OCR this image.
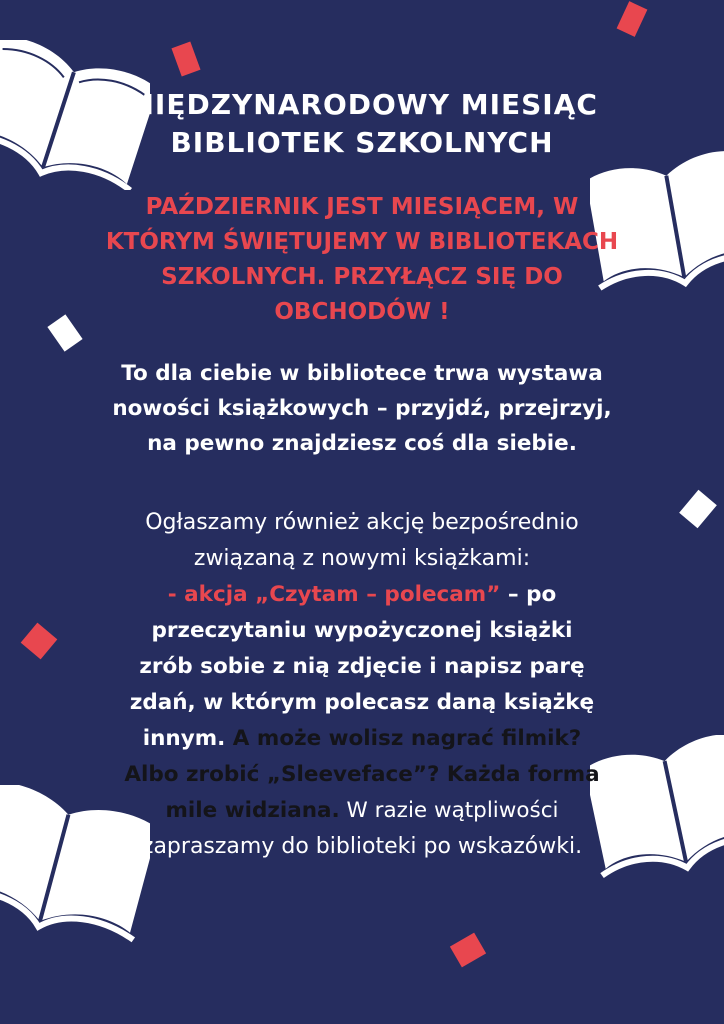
MIĘDZYNARODOWY MIESIĄC
BIBLIOTEK SZKOLNYCH
PAŹDZIERNIK JEST MIESIĄCEM, W
KTÓRYM ŚWIĘTUJEMY W BIBLIOTEKACH
SZKOLNYCH. PRZYŁĄCZ SIĘ DO
OBCHODÓW !
To dla ciebie w bibliotece trwa wystawa
nowości książkowych – przyjdź, przejrzyj,
na pewno znajdziesz coś dla siebie.
Ogłaszamy również akcję bezpośrednio
związaną z nowymi książkami:
- akcja „Czytam – polecam” – po
przeczytaniu wypożyczonej książki
zrób sobie z nią zdjęcie i napisz parę
zdań, w którym polecasz daną książkę
innym. A może wolisz nagrać filmik?
Albo zrobić „Sleeveface”? Każda forma
mile widziana. W razie wątpliwości
zapraszamy do biblioteki po wskazówki.
